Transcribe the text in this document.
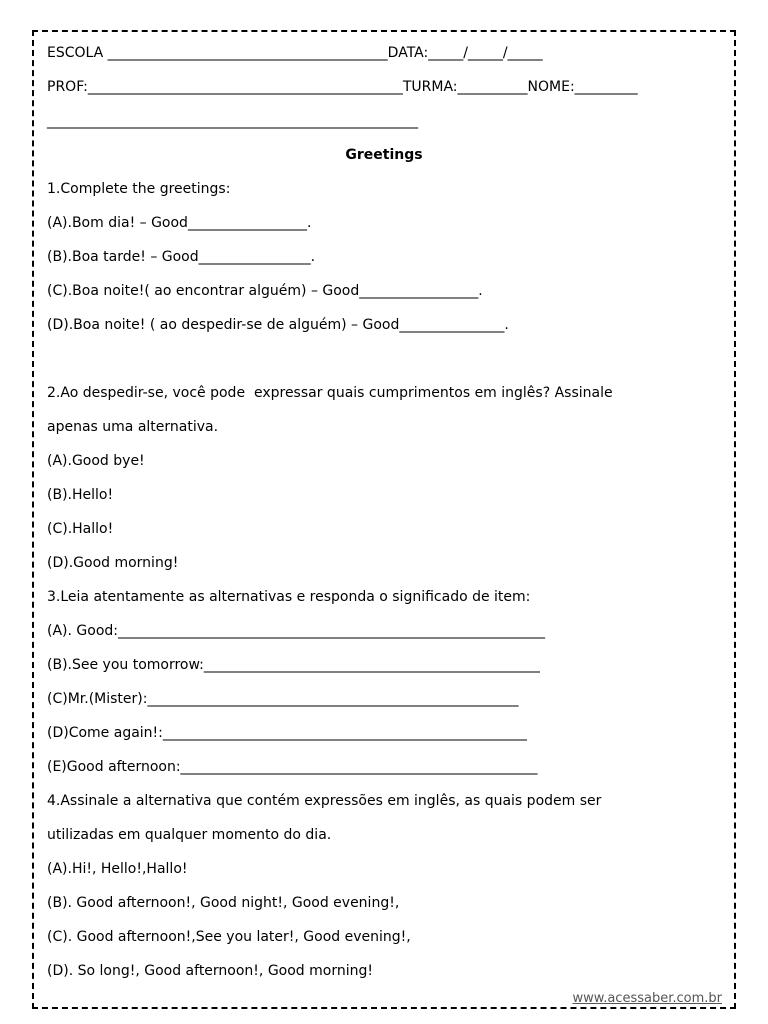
ESCOLA ________________________________________DATA:_____/_____/_____
PROF:_____________________________________________TURMA:__________NOME:_________
_____________________________________________________
Greetings
1.Complete the greetings:
(A).Bom dia! – Good_________________.
(B).Boa tarde! – Good________________.
(C).Boa noite!( ao encontrar alguém) – Good_________________.
(D).Boa noite! ( ao despedir-se de alguém) – Good_______________.
2.Ao despedir-se, você pode  expressar quais cumprimentos em inglês? Assinale
apenas uma alternativa.
(A).Good bye!
(B).Hello!
(C).Hallo!
(D).Good morning!
3.Leia atentamente as alternativas e responda o significado de item:
(A). Good:_____________________________________________________________
(B).See you tomorrow:________________________________________________
(C)Mr.(Mister):_____________________________________________________
(D)Come again!:____________________________________________________
(E)Good afternoon:___________________________________________________
4.Assinale a alternativa que contém expressões em inglês, as quais podem ser
utilizadas em qualquer momento do dia.
(A).Hi!, Hello!,Hallo!
(B). Good afternoon!, Good night!, Good evening!,
(C). Good afternoon!,See you later!, Good evening!,
(D). So long!, Good afternoon!, Good morning!
www.acessaber.com.br
